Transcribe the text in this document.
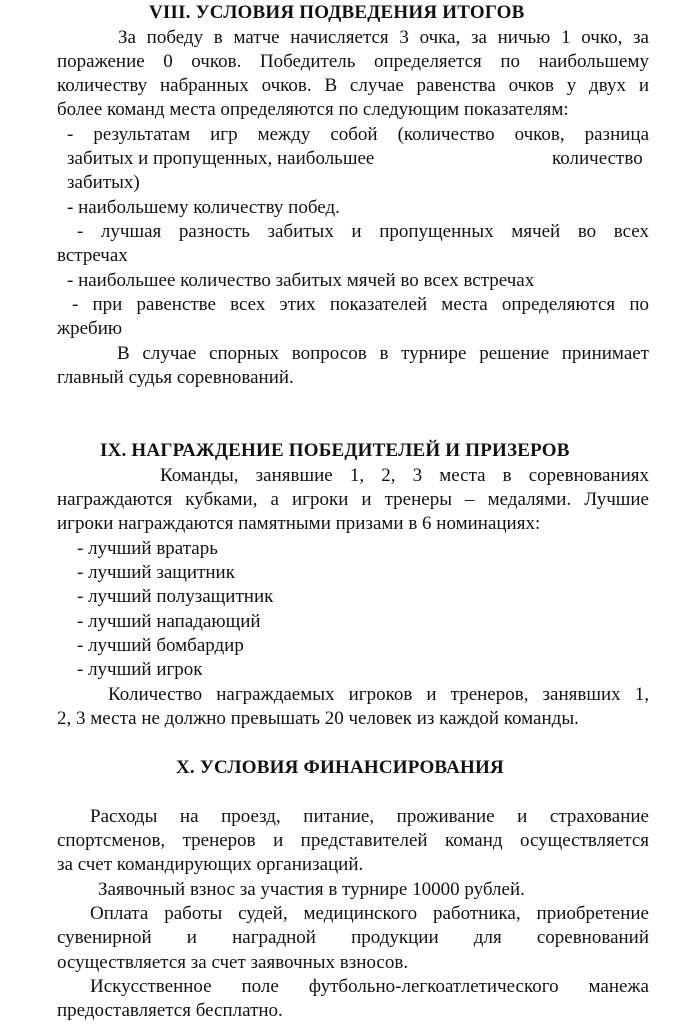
VIII. УСЛОВИЯ ПОДВЕДЕНИЯ ИТОГОВ
За победу в матче начисляется 3 очка, за ничью 1 очко, за
поражение 0 очков. Победитель определяется по наибольшему
количеству набранных очков. В случае равенства очков у двух и
более команд места определяются по следующим показателям:
- результатам игр между собой (количество очков, разница
забитых и пропущенных, наибольшее	количество
забитых)
- наибольшему количеству побед.
- лучшая разность забитых и пропущенных мячей во всех
встречах
- наибольшее количество забитых мячей во всех встречах
- при равенстве всех этих показателей места определяются по
жребию
В случае спорных вопросов в турнире решение принимает
главный судья соревнований.
IX. НАГРАЖДЕНИЕ ПОБЕДИТЕЛЕЙ И ПРИЗЕРОВ
Команды, занявшие 1, 2, 3 места в соревнованиях
награждаются кубками, а игроки и тренеры – медалями. Лучшие
игроки награждаются памятными призами в 6 номинациях:
- лучший вратарь
- лучший защитник
- лучший полузащитник
- лучший нападающий
- лучший бомбардир
- лучший игрок
Количество награждаемых игроков и тренеров, занявших 1,
2, 3 места не должно превышать 20 человек из каждой команды.
X. УСЛОВИЯ ФИНАНСИРОВАНИЯ
Расходы на проезд, питание, проживание и страхование
спортсменов, тренеров и представителей команд осуществляется
за счет командирующих организаций.
Заявочный взнос за участия в турнире 10000 рублей.
Оплата работы судей, медицинского работника, приобретение
сувенирной и наградной продукции для соревнований
осуществляется за счет заявочных взносов.
Искусственное поле футбольно-легкоатлетического манежа
предоставляется бесплатно.
